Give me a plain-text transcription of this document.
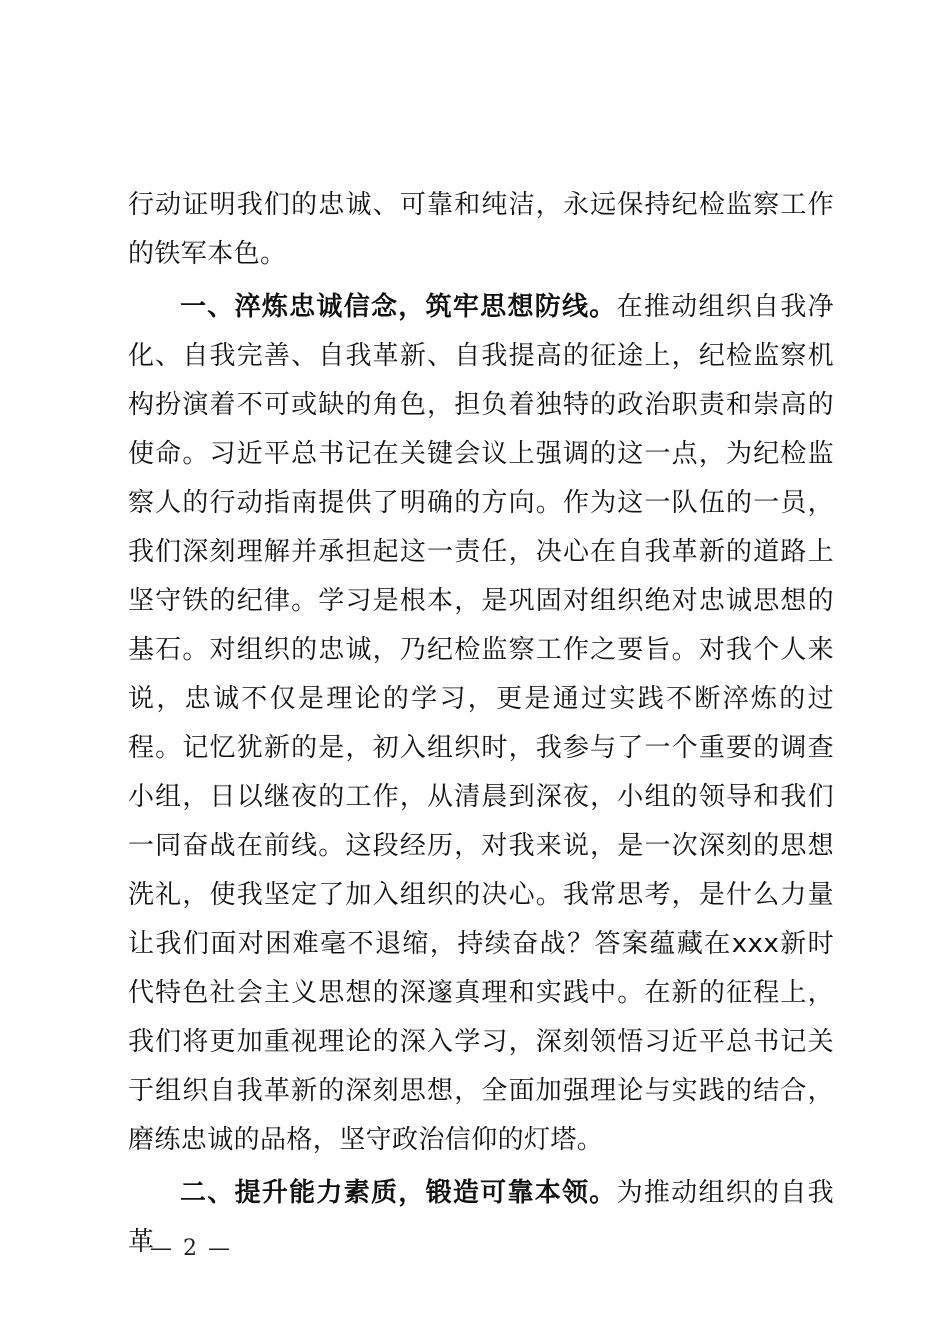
行动证明我们的忠诚、可靠和纯洁，永远保持纪检监察工作的铁军本色。

一、淬炼忠诚信念，筑牢思想防线。在推动组织自我净化、自我完善、自我革新、自我提高的征途上，纪检监察机构扮演着不可或缺的角色，担负着独特的政治职责和崇高的使命。习近平总书记在关键会议上强调的这一点，为纪检监察人的行动指南提供了明确的方向。作为这一队伍的一员，我们深刻理解并承担起这一责任，决心在自我革新的道路上坚守铁的纪律。学习是根本，是巩固对组织绝对忠诚思想的基石。对组织的忠诚，乃纪检监察工作之要旨。对我个人来说，忠诚不仅是理论的学习，更是通过实践不断淬炼的过程。记忆犹新的是，初入组织时，我参与了一个重要的调查小组，日以继夜的工作，从清晨到深夜，小组的领导和我们一同奋战在前线。这段经历，对我来说，是一次深刻的思想洗礼，使我坚定了加入组织的决心。我常思考，是什么力量让我们面对困难毫不退缩，持续奋战？答案蕴藏在xxx新时代特色社会主义思想的深邃真理和实践中。在新的征程上，我们将更加重视理论的深入学习，深刻领悟习近平总书记关于组织自我革新的深刻思想，全面加强理论与实践的结合，磨练忠诚的品格，坚守政治信仰的灯塔。

二、提升能力素质，锻造可靠本领。为推动组织的自我革

— 2 —
